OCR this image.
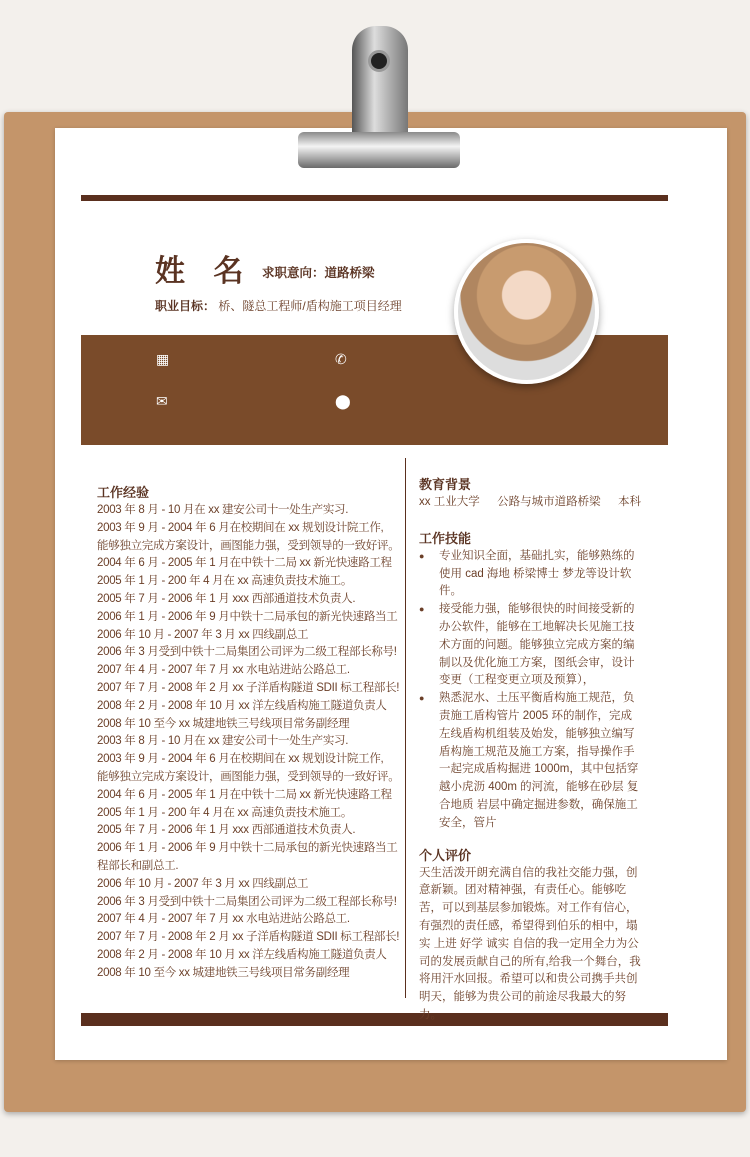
姓 名 求职意向：道路桥梁
职业目标： 桥、隧总工程师/盾构施工项目经理
▦	✆
✉	⬤
工作经验
2003 年 8 月 - 10 月在 xx 建安公司十一处生产实习.
2003 年 9 月 - 2004 年 6 月在校期间在 xx 规划设计院工作,
能够独立完成方案设计，画图能力强，受到领导的一致好评。
2004 年 6 月 - 2005 年 1 月在中铁十二局 xx 新光快速路工程
2005 年 1 月 - 200 年 4 月在 xx 高速负责技术施工。
2005 年 7 月 - 2006 年 1 月 xxx 西部通道技术负责人.
2006 年 1 月 - 2006 年 9 月中铁十二局承包的新光快速路当工
2006 年 10 月 - 2007 年 3 月 xx 四线副总工
2006 年 3 月受到中铁十二局集团公司评为二级工程部长称号!
2007 年 4 月 - 2007 年 7 月 xx 水电站进站公路总工.
2007 年 7 月 - 2008 年 2 月 xx 子洋盾构隧道 SDII 标工程部长!
2008 年 2 月 - 2008 年 10 月 xx 洋左线盾构施工隧道负责人
2008 年 10 至今 xx 城建地铁三号线项目常务副经理
2003 年 8 月 - 10 月在 xx 建安公司十一处生产实习.
2003 年 9 月 - 2004 年 6 月在校期间在 xx 规划设计院工作,
能够独立完成方案设计，画图能力强，受到领导的一致好评。
2004 年 6 月 - 2005 年 1 月在中铁十二局 xx 新光快速路工程
2005 年 1 月 - 200 年 4 月在 xx 高速负责技术施工。
2005 年 7 月 - 2006 年 1 月 xxx 西部通道技术负责人.
2006 年 1 月 - 2006 年 9 月中铁十二局承包的新光快速路当工
程部长和副总工.
2006 年 10 月 - 2007 年 3 月 xx 四线副总工
2006 年 3 月受到中铁十二局集团公司评为二级工程部长称号!
2007 年 4 月 - 2007 年 7 月 xx 水电站进站公路总工.
2007 年 7 月 - 2008 年 2 月 xx 子洋盾构隧道 SDII 标工程部长!
2008 年 2 月 - 2008 年 10 月 xx 洋左线盾构施工隧道负责人
2008 年 10 至今 xx 城建地铁三号线项目常务副经理
教育背景
xx 工业大学 公路与城市道路桥梁 本科
工作技能
● 专业知识全面，基础扎实，能够熟练的使用 cad 海地 桥梁博士 梦龙等设计软件。
● 接受能力强，能够很快的时间接受新的办公软件，能够在工地解决长见施工技术方面的问题。能够独立完成方案的编制以及优化施工方案，图纸会审，设计变更（工程变更立项及预算），
● 熟悉泥水、土压平衡盾构施工规范，负责施工盾构管片 2005 环的制作，完成左线盾构机组装及始发，能够独立编写盾构施工规范及施工方案，指导操作手一起完成盾构掘进 1000m，其中包括穿越小虎沥 400m 的河流，能够在砂层 复合地质 岩层中确定掘进参数，确保施工安全，管片
个人评价

天生活泼开朗充满自信的我社交能力强，创意新颖。团对精神强，有责任心。能够吃苦，可以到基层参加锻炼。对工作有信心，有强烈的责任感，希望得到伯乐的相中，塌实 上进 好学 诚实 自信的我一定用全力为公司的发展贡献自己的所有,给我一个舞台，我将用汗水回报。希望可以和贵公司携手共创明天，能够为贵公司的前途尽我最大的努力。
